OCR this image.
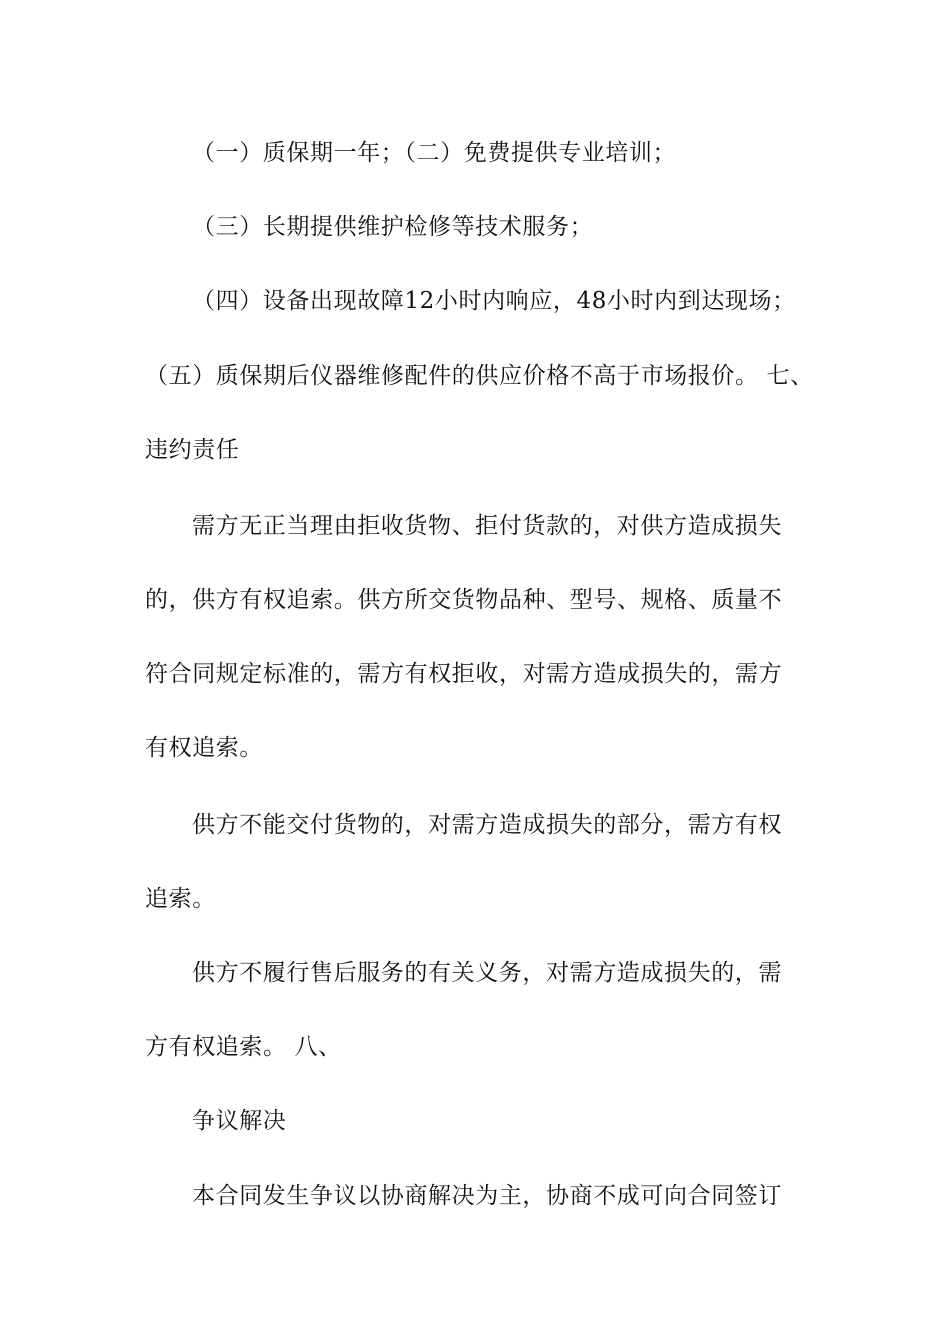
（一）质保期一年；（二）免费提供专业培训；
（三）长期提供维护检修等技术服务；
（四）设备出现故障12小时内响应，48小时内到达现场；
（五）质保期后仪器维修配件的供应价格不高于市场报价。 七、
违约责任
需方无正当理由拒收货物、拒付货款的，对供方造成损失
的，供方有权追索。供方所交货物品种、型号、规格、质量不
符合同规定标准的，需方有权拒收，对需方造成损失的，需方
有权追索。
供方不能交付货物的，对需方造成损失的部分，需方有权
追索。
供方不履行售后服务的有关义务，对需方造成损失的，需
方有权追索。 八、
争议解决
本合同发生争议以协商解决为主，协商不成可向合同签订
